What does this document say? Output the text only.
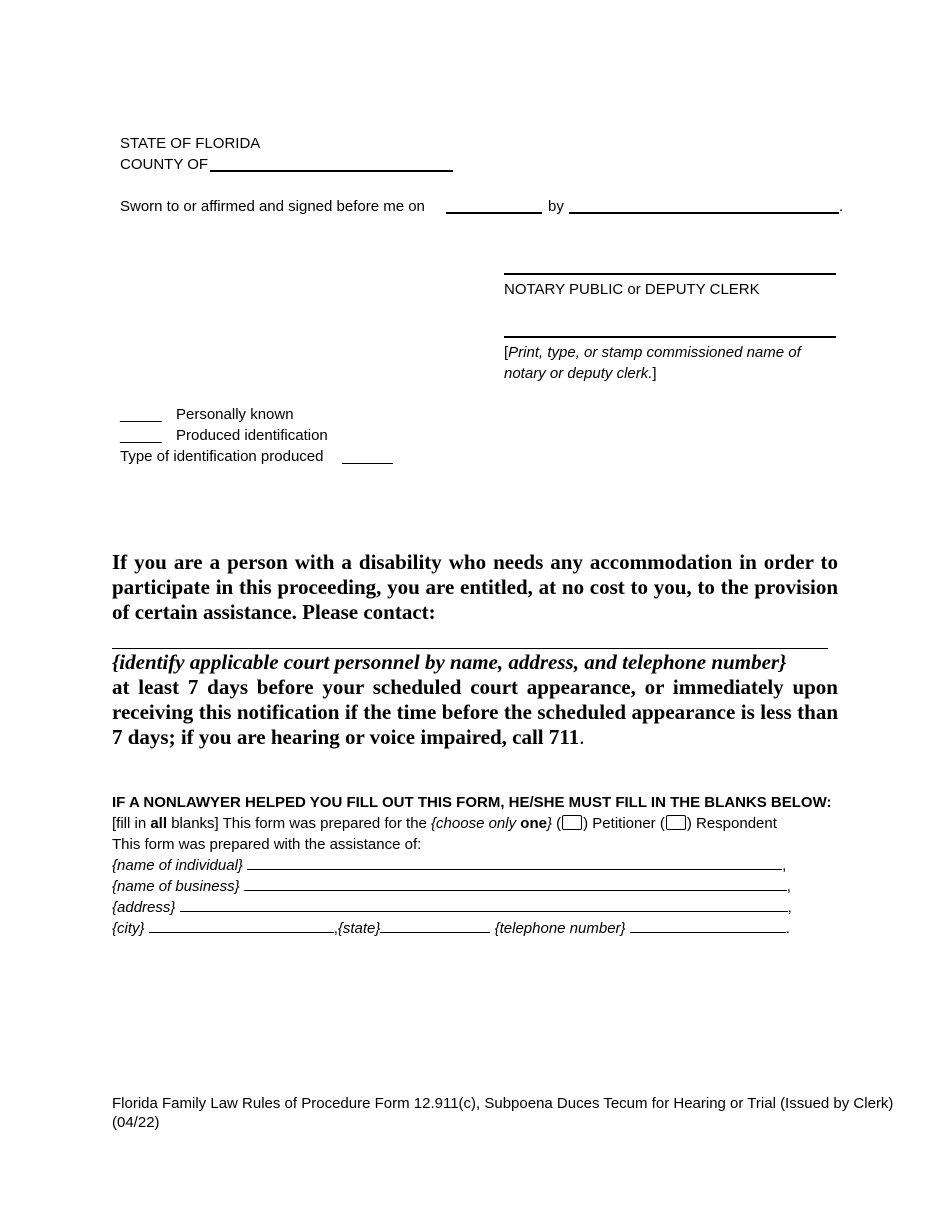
STATE OF FLORIDA
COUNTY OF
Sworn to or affirmed and signed before me on	by	.
NOTARY PUBLIC or DEPUTY CLERK
[Print, type, or stamp commissioned name of notary or deputy clerk.]
_____ Personally known
_____ Produced identification
Type of identification produced
If you are a person with a disability who needs any accommodation in order to participate in this proceeding, you are entitled, at no cost to you, to the provision of certain assistance. Please contact:
{identify applicable court personnel by name, address, and telephone number}
at least 7 days before your scheduled court appearance, or immediately upon receiving this notification if the time before the scheduled appearance is less than 7 days; if you are hearing or voice impaired, call 711.
IF A NONLAWYER HELPED YOU FILL OUT THIS FORM, HE/SHE MUST FILL IN THE BLANKS BELOW:
[fill in all blanks] This form was prepared for the {choose only one} ( ) Petitioner ( ) Respondent
This form was prepared with the assistance of:
{name of individual}	,
{name of business}	,
{address}	,
{city}	,{state}	{telephone number}	.
Florida Family Law Rules of Procedure Form 12.911(c), Subpoena Duces Tecum for Hearing or Trial (Issued by Clerk)
(04/22)
